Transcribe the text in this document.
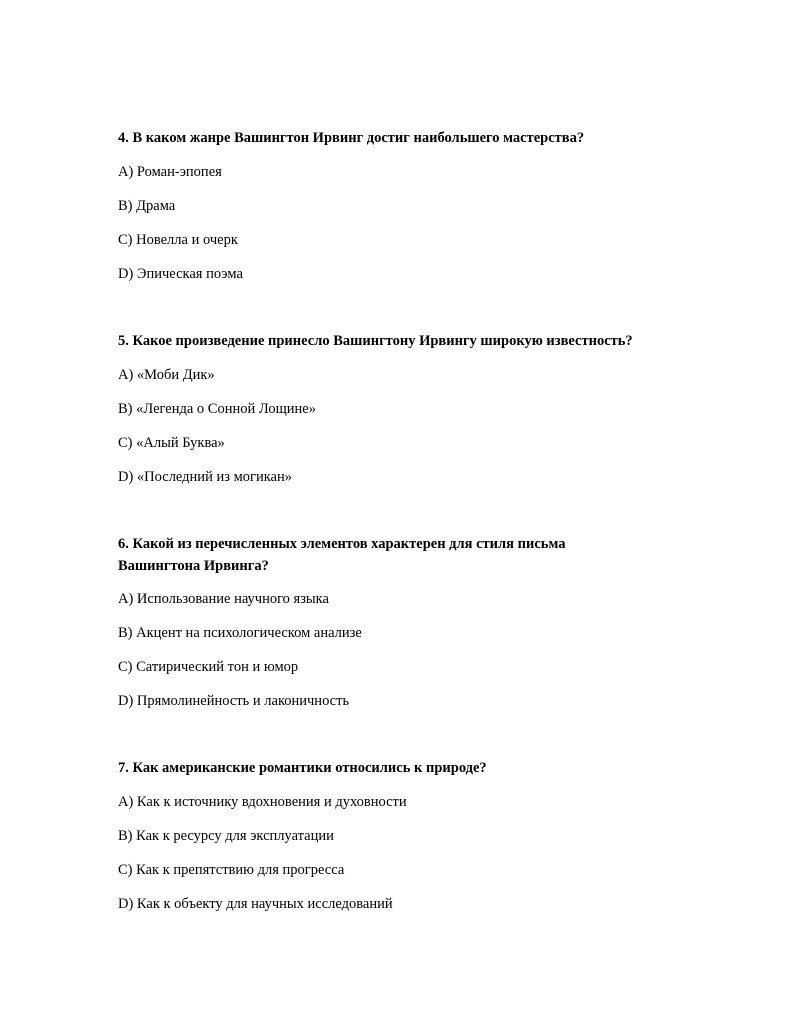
4. В каком жанре Вашингтон Ирвинг достиг наибольшего мастерства?

A) Роман-эпопея

B) Драма

C) Новелла и очерк

D) Эпическая поэма

5. Какое произведение принесло Вашингтону Ирвингу широкую известность?

A) «Моби Дик»

B) «Легенда о Сонной Лощине»

C) «Алый Буква»

D) «Последний из могикан»

6. Какой из перечисленных элементов характерен для стиля письма Вашингтона Ирвинга?

A) Использование научного языка

B) Акцент на психологическом анализе

C) Сатирический тон и юмор

D) Прямолинейность и лаконичность

7. Как американские романтики относились к природе?

A) Как к источнику вдохновения и духовности

B) Как к ресурсу для эксплуатации

C) Как к препятствию для прогресса

D) Как к объекту для научных исследований
